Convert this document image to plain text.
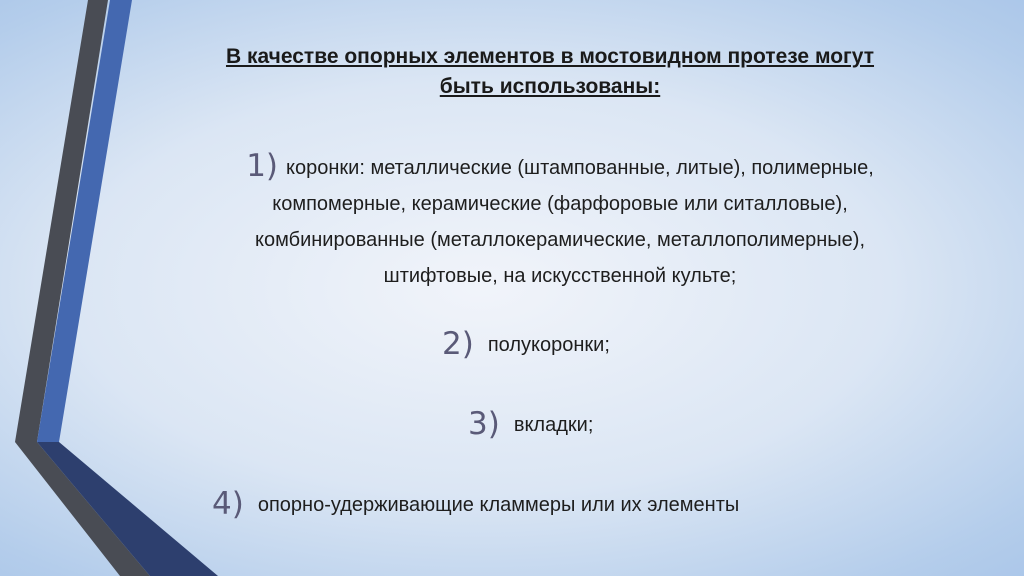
В качестве опорных элементов в мостовидном протезе могут
быть использованы:
1) коронки: металлические (штампованные, литые), полимерные,
компомерные, керамические (фарфоровые или ситалловые),
комбинированные (металлокерамические, металлополимерные),
штифтовые, на искусственной культе;
2) полукоронки;
3) вкладки;
4) опорно-удерживающие кламмеры или их элементы
